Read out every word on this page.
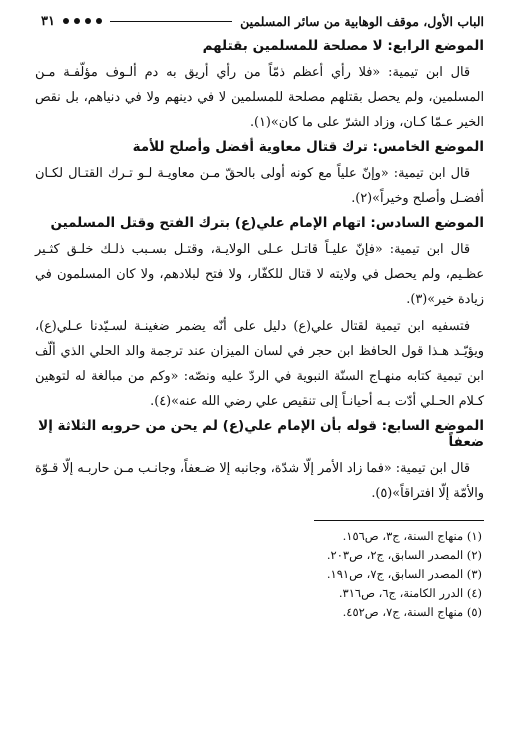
الباب الأول، موقف الوهابية من سائر المسلمين
٣١
الموضع الرابع: لا مصلحة للمسلمين بقتلهم

قال ابن تيمية: «فلا رأي أعظم ذمّاً من رأي أريق به دم ألـوف مؤلّفـة مـن المسلمين، ولم يحصل بقتلهم مصلحة للمسلمين لا في دينهم ولا في دنياهم، بل نقص الخير عـمّا كـان، وزاد الشرّ على ما كان»(١).

الموضع الخامس: ترك قتال معاوية أفضل وأصلح للأمة

قال ابن تيمية: «وإنّ علياً مع كونه أولى بالحقّ مـن معاويـة لـو تـرك القتـال لكـان أفضـل وأصلح وخيراً»(٢).

الموضع السادس: اتهام الإمام علي(ع) بترك الفتح وقتل المسلمين

قال ابن تيمية: «فإنّ عليـاً قاتـل عـلى الولايـة، وقتـل بسـبب ذلـك خلـق كثـير عظـيم، ولم يحصل في ولايته لا قتال للكفّار، ولا فتح لبلادهم، ولا كان المسلمون في زيادة خير»(٣).

فتسفيه ابن تيمية لقتال علي(ع) دليل على أنّه يضمر ضغينـة لسـيّدنا عـلي(ع)، ويؤيّـد هـذا قول الحافظ ابن حجر في لسان الميزان عند ترجمة والد الحلي الذي ألّف ابن تيمية كتابه منهـاج السنّة النبوية في الردّ عليه ونصّه: «وكم من مبالغة له لتوهين كـلام الحـلي أدّت بـه أحيانـاً إلى تنقيص علي رضي الله عنه»(٤).

الموضع السابع: قوله بأن الإمام علي(ع) لم يحن من حروبه الثلاثة إلا ضعفاً

قال ابن تيمية: «فما زاد الأمر إلّا شدّة، وجانبه إلا ضـعفاً، وجانـب مـن حاربـه إلّا قـوّة والأمّة إلّا افتراقاً»(٥).

(١) منهاج السنة، ج٣، ص١٥٦.
(٢) المصدر السابق، ج٢، ص٢٠٣.
(٣) المصدر السابق، ج٧، ص١٩١.
(٤) الدرر الكامنة، ج٦، ص٣١٦.
(٥) منهاج السنة، ج٧، ص٤٥٢.
